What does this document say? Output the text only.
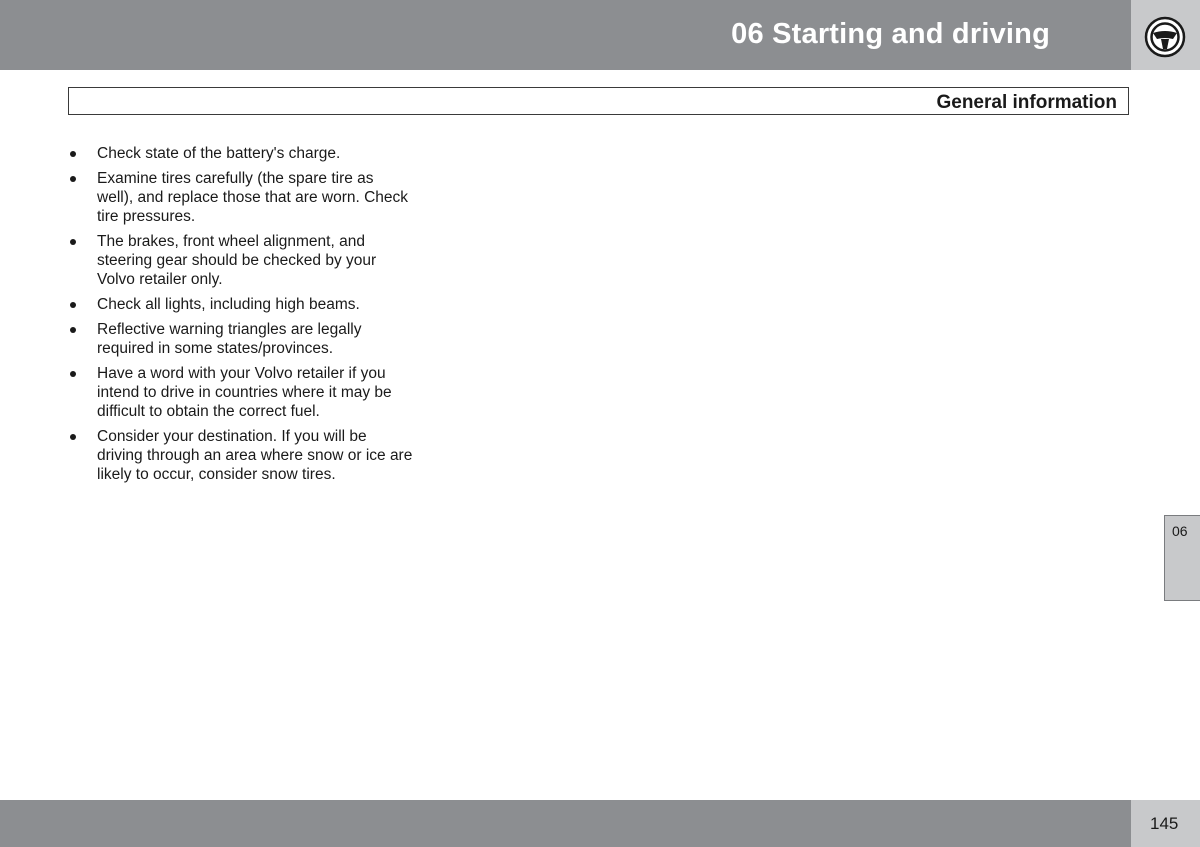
06 Starting and driving
General information
Check state of the battery's charge.
Examine tires carefully (the spare tire as well), and replace those that are worn. Check tire pressures.
The brakes, front wheel alignment, and steering gear should be checked by your Volvo retailer only.
Check all lights, including high beams.
Reflective warning triangles are legally required in some states/provinces.
Have a word with your Volvo retailer if you intend to drive in countries where it may be difficult to obtain the correct fuel.
Consider your destination. If you will be driving through an area where snow or ice are likely to occur, consider snow tires.
06
145
